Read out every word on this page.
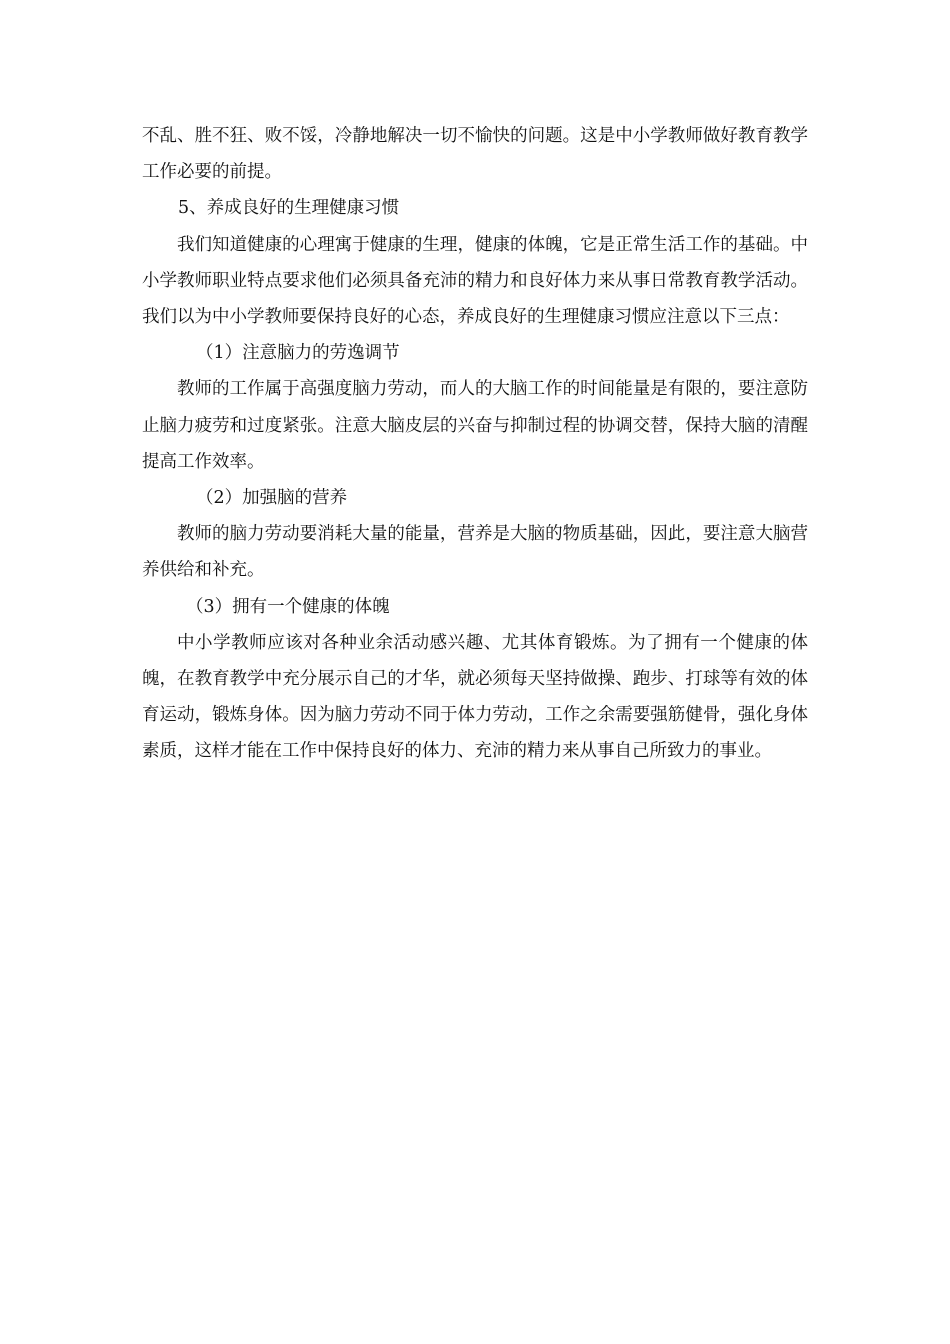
不乱、胜不狂、败不馁，冷静地解决一切不愉快的问题。这是中小学教师做好教育教学工作必要的前提。

5、养成良好的生理健康习惯

我们知道健康的心理寓于健康的生理，健康的体魄，它是正常生活工作的基础。中小学教师职业特点要求他们必须具备充沛的精力和良好体力来从事日常教育教学活动。我们以为中小学教师要保持良好的心态，养成良好的生理健康习惯应注意以下三点：

（1）注意脑力的劳逸调节

教师的工作属于高强度脑力劳动，而人的大脑工作的时间能量是有限的，要注意防止脑力疲劳和过度紧张。注意大脑皮层的兴奋与抑制过程的协调交替，保持大脑的清醒提高工作效率。

（2）加强脑的营养

教师的脑力劳动要消耗大量的能量，营养是大脑的物质基础，因此，要注意大脑营养供给和补充。

（3）拥有一个健康的体魄

中小学教师应该对各种业余活动感兴趣、尤其体育锻炼。为了拥有一个健康的体魄，在教育教学中充分展示自己的才华，就必须每天坚持做操、跑步、打球等有效的体育运动，锻炼身体。因为脑力劳动不同于体力劳动，工作之余需要强筋健骨，强化身体素质，这样才能在工作中保持良好的体力、充沛的精力来从事自己所致力的事业。
